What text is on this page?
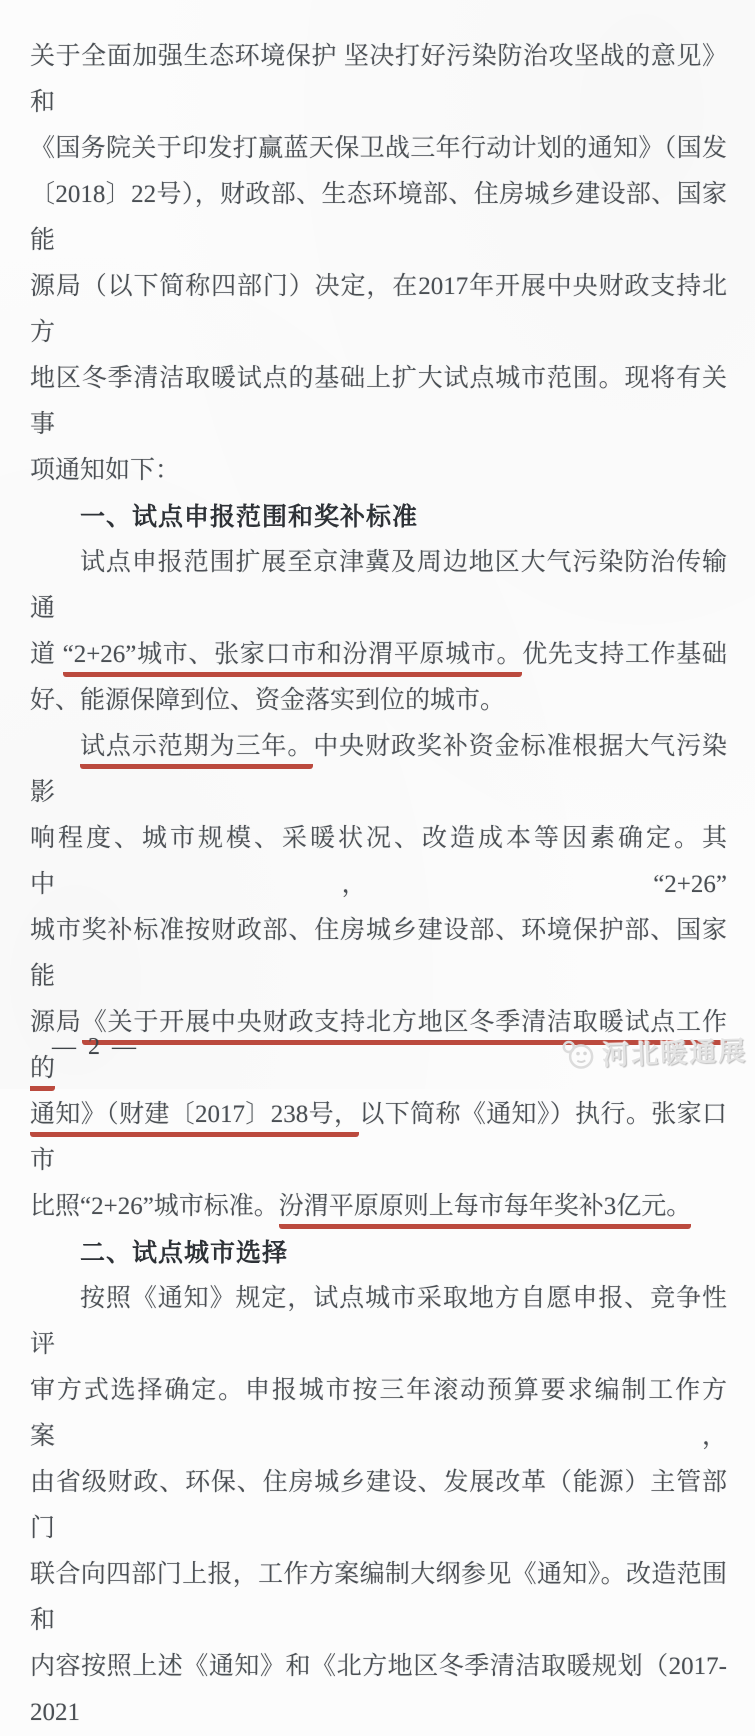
关于全面加强生态环境保护 坚决打好污染防治攻坚战的意见》和
《国务院关于印发打赢蓝天保卫战三年行动计划的通知》（国发
〔2018〕22号），财政部、生态环境部、住房城乡建设部、国家能
源局（以下简称四部门）决定，在2017年开展中央财政支持北方
地区冬季清洁取暖试点的基础上扩大试点城市范围。现将有关事
项通知如下：
一、试点申报范围和奖补标准
试点申报范围扩展至京津冀及周边地区大气污染防治传输通
道 “2+26”城市、张家口市和汾渭平原城市。优先支持工作基础
好、能源保障到位、资金落实到位的城市。
试点示范期为三年。中央财政奖补资金标准根据大气污染影
响程度、城市规模、采暖状况、改造成本等因素确定。其中，“2+26”
城市奖补标准按财政部、住房城乡建设部、环境保护部、国家能
源局《关于开展中央财政支持北方地区冬季清洁取暖试点工作的
通知》（财建〔2017〕238号，以下简称《通知》）执行。张家口市
比照“2+26”城市标准。汾渭平原原则上每市每年奖补3亿元。
二、试点城市选择
按照《通知》规定，试点城市采取地方自愿申报、竞争性评
审方式选择确定。申报城市按三年滚动预算要求编制工作方案，
由省级财政、环保、住房城乡建设、发展改革（能源）主管部门
联合向四部门上报，工作方案编制大纲参见《通知》。改造范围和
内容按照上述《通知》和《北方地区冬季清洁取暖规划（2017-2021
— 2 —	河北暖通展
